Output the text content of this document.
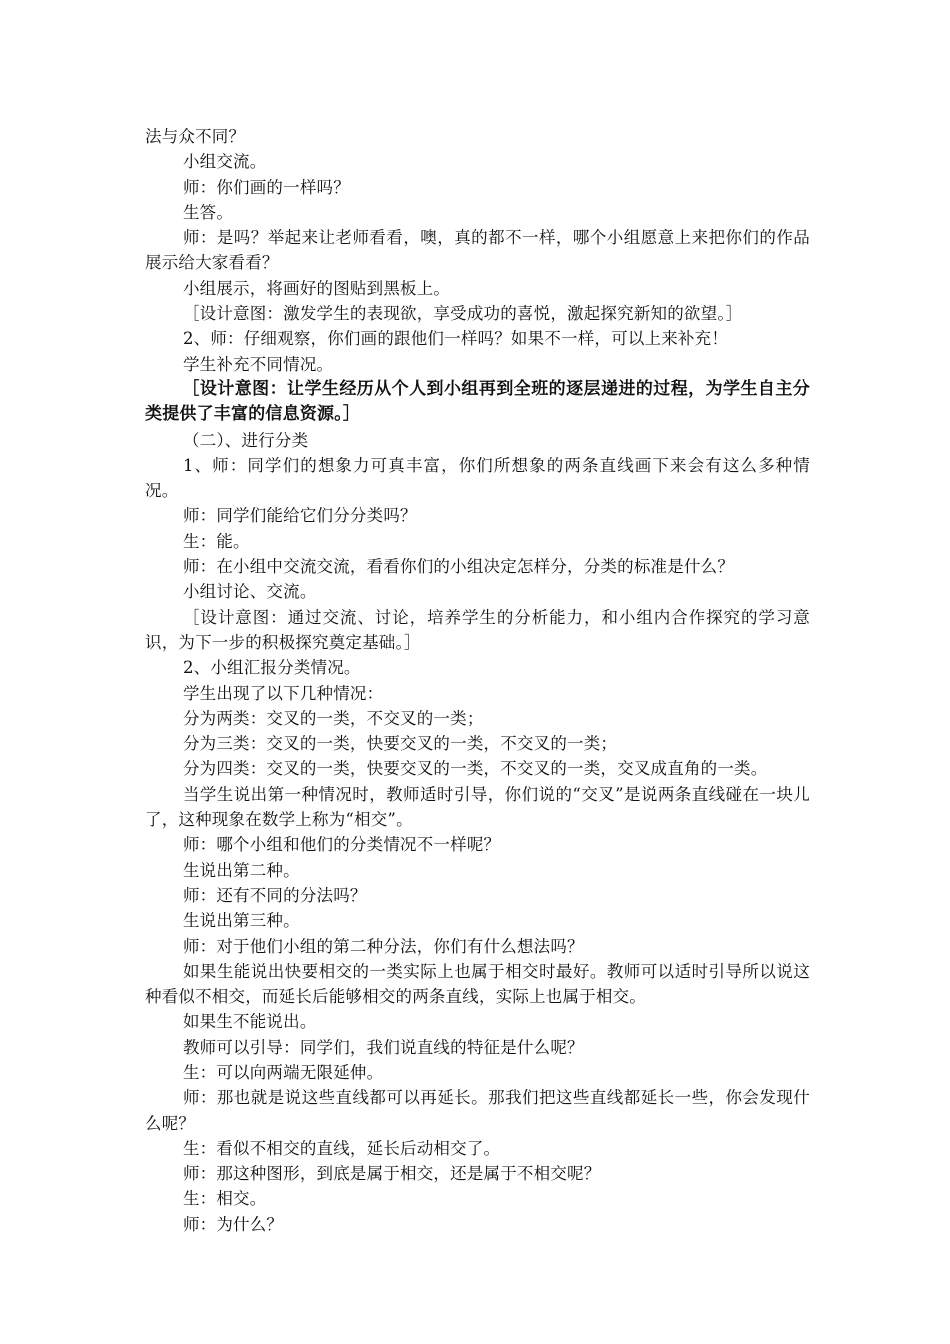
法与众不同？

小组交流。

师：你们画的一样吗？

生答。

师：是吗？举起来让老师看看，噢，真的都不一样，哪个小组愿意上来把你们的作品展示给大家看看？

小组展示，将画好的图贴到黑板上。

［设计意图：激发学生的表现欲，享受成功的喜悦，激起探究新知的欲望。］

2、师：仔细观察，你们画的跟他们一样吗？如果不一样，可以上来补充！

学生补充不同情况。

［设计意图：让学生经历从个人到小组再到全班的逐层递进的过程，为学生自主分类提供了丰富的信息资源。］

（二）、进行分类

1、师：同学们的想象力可真丰富，你们所想象的两条直线画下来会有这么多种情况。

师：同学们能给它们分分类吗？

生：能。

师：在小组中交流交流，看看你们的小组决定怎样分，分类的标准是什么？

小组讨论、交流。

［设计意图：通过交流、讨论，培养学生的分析能力，和小组内合作探究的学习意识，为下一步的积极探究奠定基础。］

2、小组汇报分类情况。

学生出现了以下几种情况：

分为两类：交叉的一类，不交叉的一类；

分为三类：交叉的一类，快要交叉的一类，不交叉的一类；

分为四类：交叉的一类，快要交叉的一类，不交叉的一类，交叉成直角的一类。

当学生说出第一种情况时，教师适时引导，你们说的“交叉”是说两条直线碰在一块儿了，这种现象在数学上称为“相交”。

师：哪个小组和他们的分类情况不一样呢？

生说出第二种。

师：还有不同的分法吗？

生说出第三种。

师：对于他们小组的第二种分法，你们有什么想法吗？

如果生能说出快要相交的一类实际上也属于相交时最好。教师可以适时引导所以说这种看似不相交，而延长后能够相交的两条直线，实际上也属于相交。

如果生不能说出。

教师可以引导：同学们，我们说直线的特征是什么呢？

生：可以向两端无限延伸。

师：那也就是说这些直线都可以再延长。那我们把这些直线都延长一些，你会发现什么呢？

生：看似不相交的直线，延长后动相交了。

师：那这种图形，到底是属于相交，还是属于不相交呢？

生：相交。

师：为什么？
